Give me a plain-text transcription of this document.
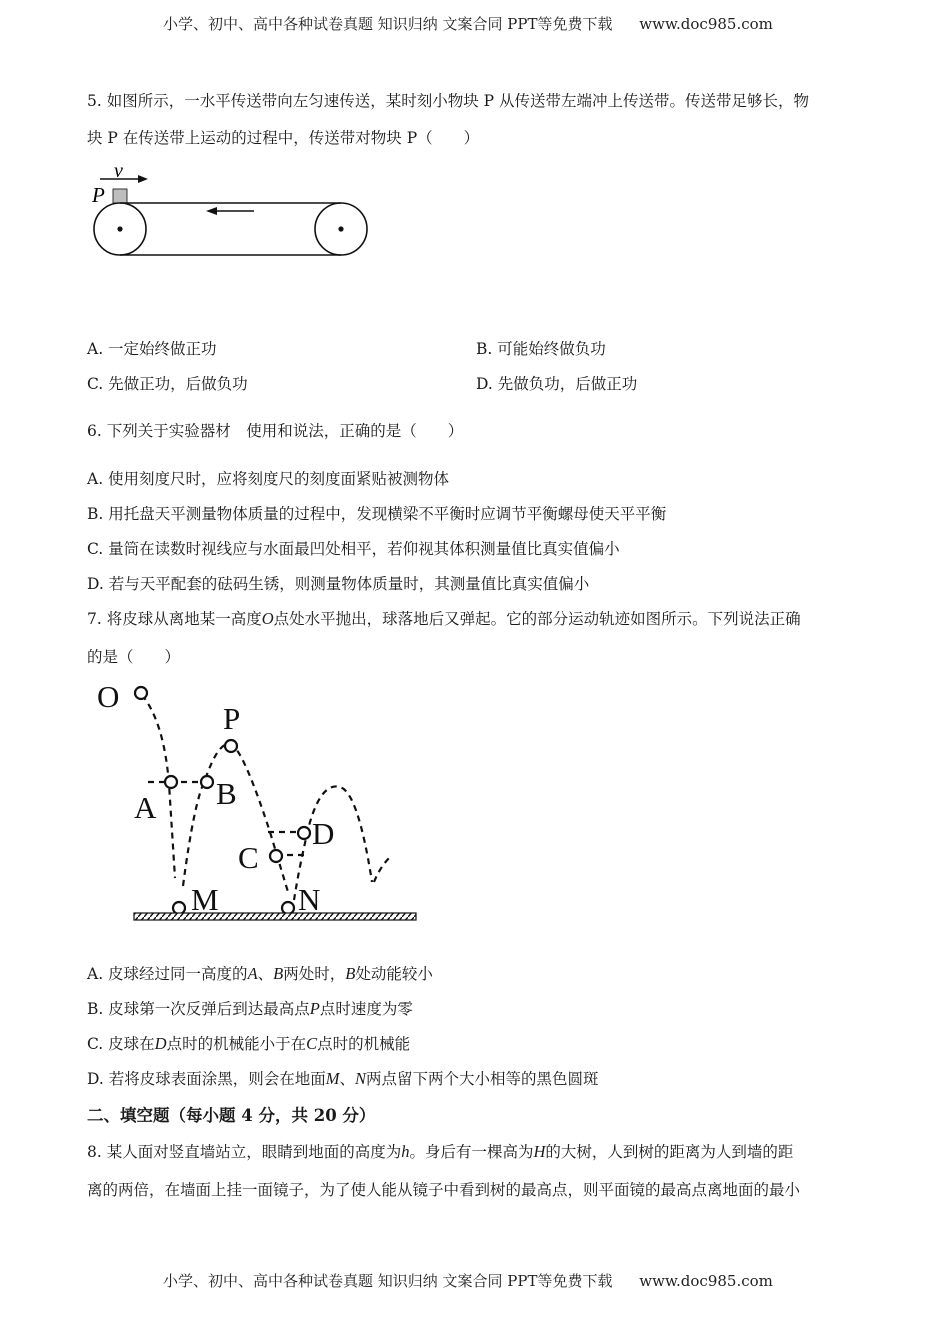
小学、初中、高中各种试卷真题 知识归纳 文案合同 PPT等免费下载 www.doc985.com
5. 如图所示，一水平传送带向左匀速传送，某时刻小物块 P 从传送带左端冲上传送带。传送带足够长，物
块 P 在传送带上运动的过程中，传送带对物块 P（　　）
v
P
A. 一定始终做正功	B. 可能始终做负功
C. 先做正功，后做负功	D. 先做负功，后做正功
6. 下列关于实验器材　使用和说法，正确的是（　　）
A. 使用刻度尺时，应将刻度尺的刻度面紧贴被测物体
B. 用托盘天平测量物体质量的过程中，发现横梁不平衡时应调节平衡螺母使天平平衡
C. 量筒在读数时视线应与水面最凹处相平，若仰视其体积测量值比真实值偏小
D. 若与天平配套的砝码生锈，则测量物体质量时，其测量值比真实值偏小
7. 将皮球从离地某一高度O点处水平抛出，球落地后又弹起。它的部分运动轨迹如图所示。下列说法正确
的是（　　）
O
P
A B
C
D
M	N
A. 皮球经过同一高度的A、B两处时，B处动能较小
B. 皮球第一次反弹后到达最高点P点时速度为零
C. 皮球在D点时的机械能小于在C点时的机械能
D. 若将皮球表面涂黑，则会在地面M、N两点留下两个大小相等的黑色圆斑
二、填空题（每小题 4 分，共 20 分）
8. 某人面对竖直墙站立，眼睛到地面的高度为h。身后有一棵高为H的大树，人到树的距离为人到墙的距
离的两倍，在墙面上挂一面镜子，为了使人能从镜子中看到树的最高点，则平面镜的最高点离地面的最小
小学、初中、高中各种试卷真题 知识归纳 文案合同 PPT等免费下载 www.doc985.com
